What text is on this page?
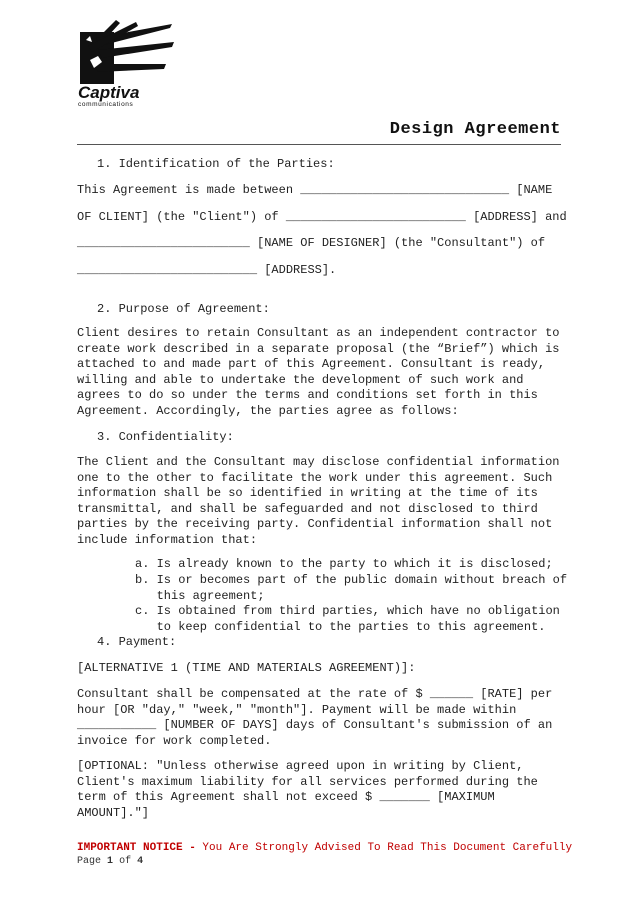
Captiva
communications
Design Agreement
1. Identification of the Parties:
This Agreement is made between _____________________________ [NAME
OF CLIENT] (the "Client") of _________________________ [ADDRESS] and
________________________ [NAME OF DESIGNER] (the "Consultant") of
_________________________ [ADDRESS].
2. Purpose of Agreement:
Client desires to retain Consultant as an independent contractor to
create work described in a separate proposal (the “Brief”) which is
attached to and made part of this Agreement. Consultant is ready,
willing and able to undertake the development of such work and
agrees to do so under the terms and conditions set forth in this
Agreement. Accordingly, the parties agree as follows:
3. Confidentiality:
The Client and the Consultant may disclose confidential information
one to the other to facilitate the work under this agreement. Such
information shall be so identified in writing at the time of its
transmittal, and shall be safeguarded and not disclosed to third
parties by the receiving party. Confidential information shall not
include information that:
a. Is already known to the party to which it is disclosed;
b. Is or becomes part of the public domain without breach of
this agreement;
c. Is obtained from third parties, which have no obligation
to keep confidential to the parties to this agreement.
4. Payment:
[ALTERNATIVE 1 (TIME AND MATERIALS AGREEMENT)]:
Consultant shall be compensated at the rate of $ ______ [RATE] per
hour [OR "day," "week," "month"]. Payment will be made within
___________ [NUMBER OF DAYS] days of Consultant's submission of an
invoice for work completed.
[OPTIONAL: "Unless otherwise agreed upon in writing by Client,
Client's maximum liability for all services performed during the
term of this Agreement shall not exceed $ _______ [MAXIMUM
AMOUNT]."]
IMPORTANT NOTICE - You Are Strongly Advised To Read This Document Carefully
Page 1 of 4
